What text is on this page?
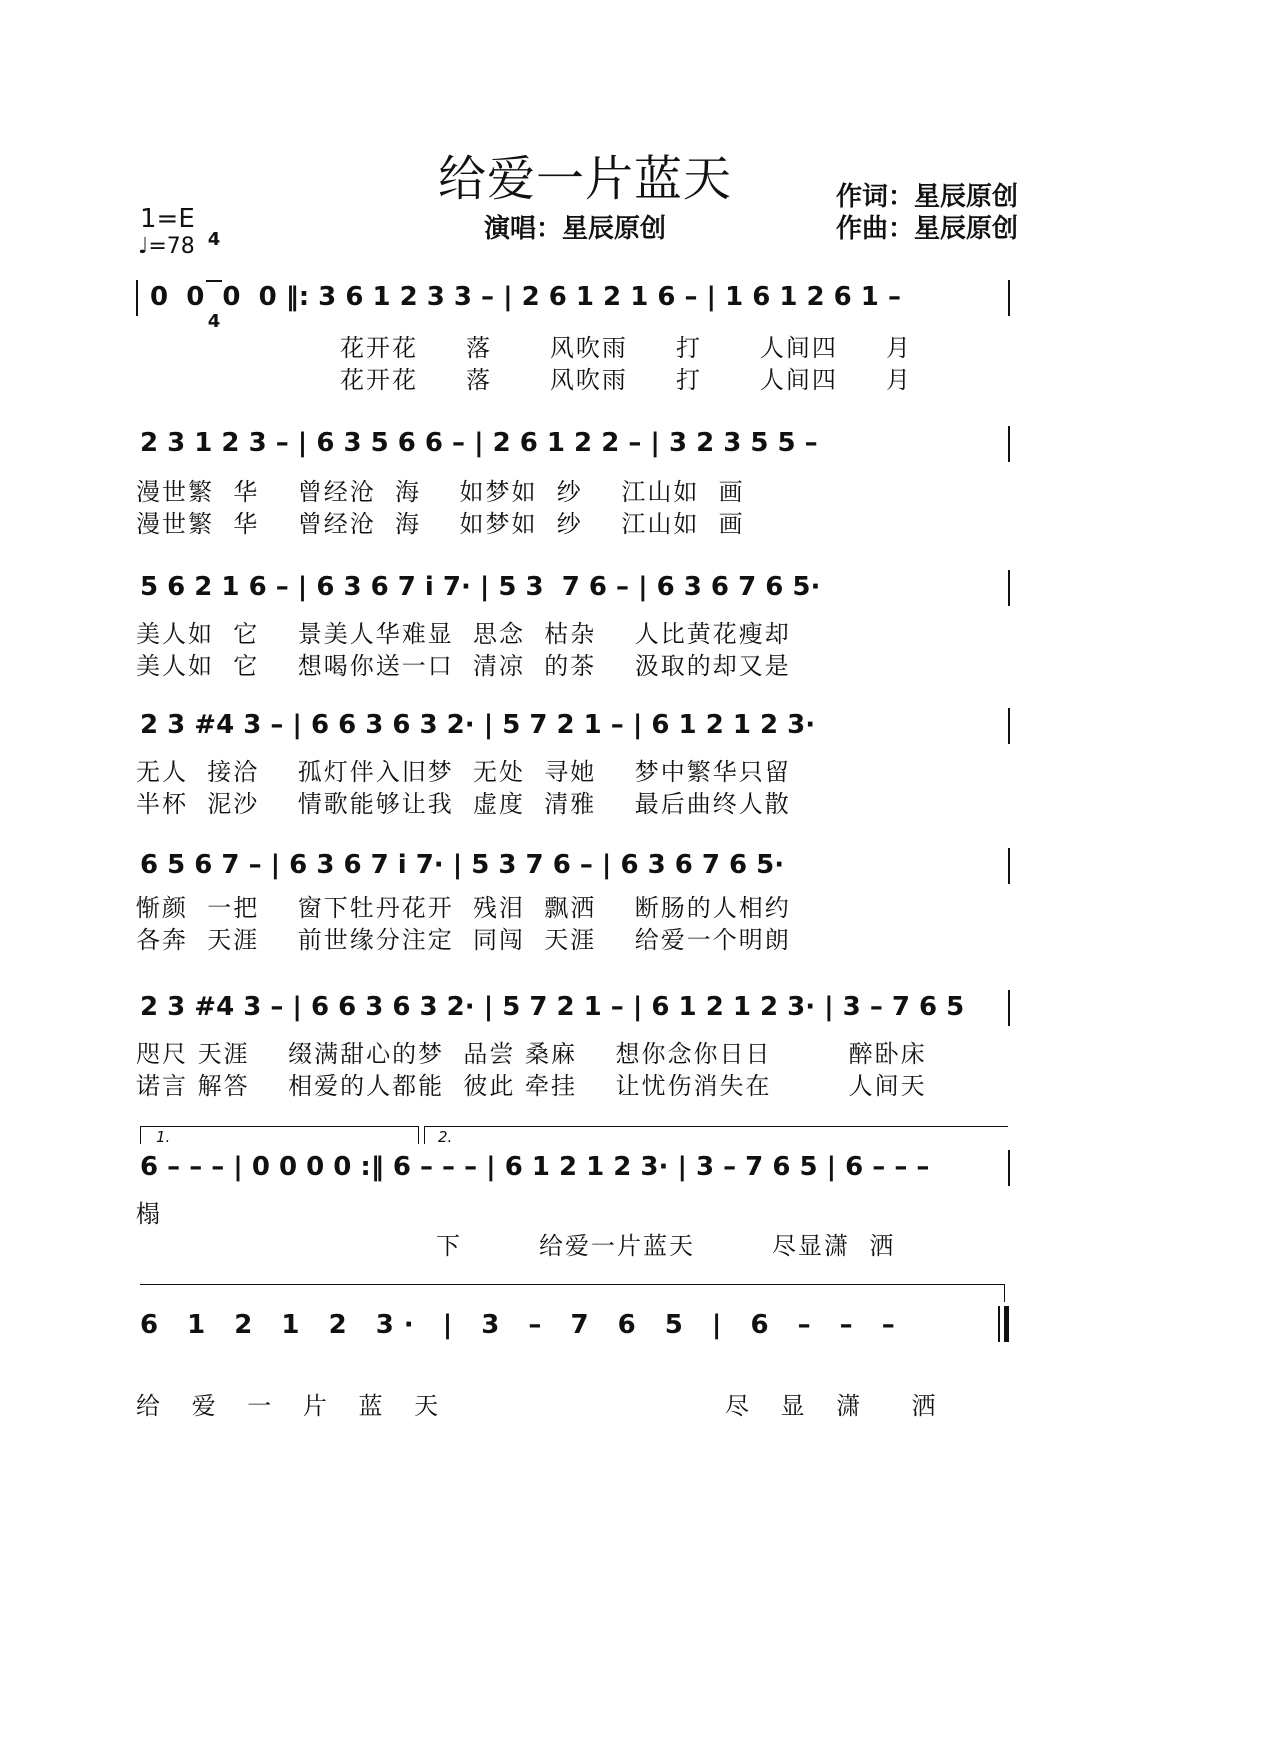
给爱一片蓝天
演唱：星辰原创
作词：星辰原创
作曲：星辰原创
1=E

4

4

♩=78
0  0  0  0 ‖: 3 6 1 2 3 3 – | 2 6 1 2 1 6 – | 1 6 1 2 6 1 –
花开花     落      风吹雨     打      人间四     月
花开花     落      风吹雨     打      人间四     月
2 3 1 2 3 – | 6 3 5 6 6 – | 2 6 1 2 2 – | 3 2 3 5 5 –
漫世繁  华    曾经沧  海    如梦如  纱    江山如  画
漫世繁  华    曾经沧  海    如梦如  纱    江山如  画
5 6 2 1 6 – | 6 3 6 7 i 7· | 5 3  7 6 – | 6 3 6 7 6 5·
美人如  它    景美人华难显  思念  枯杂    人比黄花瘦却
美人如  它    想喝你送一口  清凉  的茶    汲取的却又是
2 3 #4 3 – | 6 6 3 6 3 2· | 5 7 2 1 – | 6 1 2 1 2 3·
无人  接洽    孤灯伴入旧梦  无处  寻她    梦中繁华只留
半杯  泥沙    情歌能够让我  虚度  清雅    最后曲终人散
6 5 6 7 – | 6 3 6 7 i 7· | 5 3 7 6 – | 6 3 6 7 6 5·
惭颜  一把    窗下牡丹花开  残泪  飘洒    断肠的人相约
各奔  天涯    前世缘分注定  同闯  天涯    给爱一个明朗
2 3 #4 3 – | 6 6 3 6 3 2· | 5 7 2 1 – | 6 1 2 1 2 3· | 3 – 7 6 5
咫尺 天涯    缀满甜心的梦  品尝 桑麻    想你念你日日        醉卧床
诺言 解答    相爱的人都能  彼此 牵挂    让忧伤消失在        人间天
1.	2.
6 – – – | 0 0 0 0 :‖ 6 – – – | 6 1 2 1 2 3· | 3 – 7 6 5 | 6 – – –
榻
下        给爱一片蓝天        尽显潇  洒
6 1 2 1 2 3· | 3 – 7 6 5 | 6 – – –
给 爱 一 片 蓝 天              尽 显 潇  洒
